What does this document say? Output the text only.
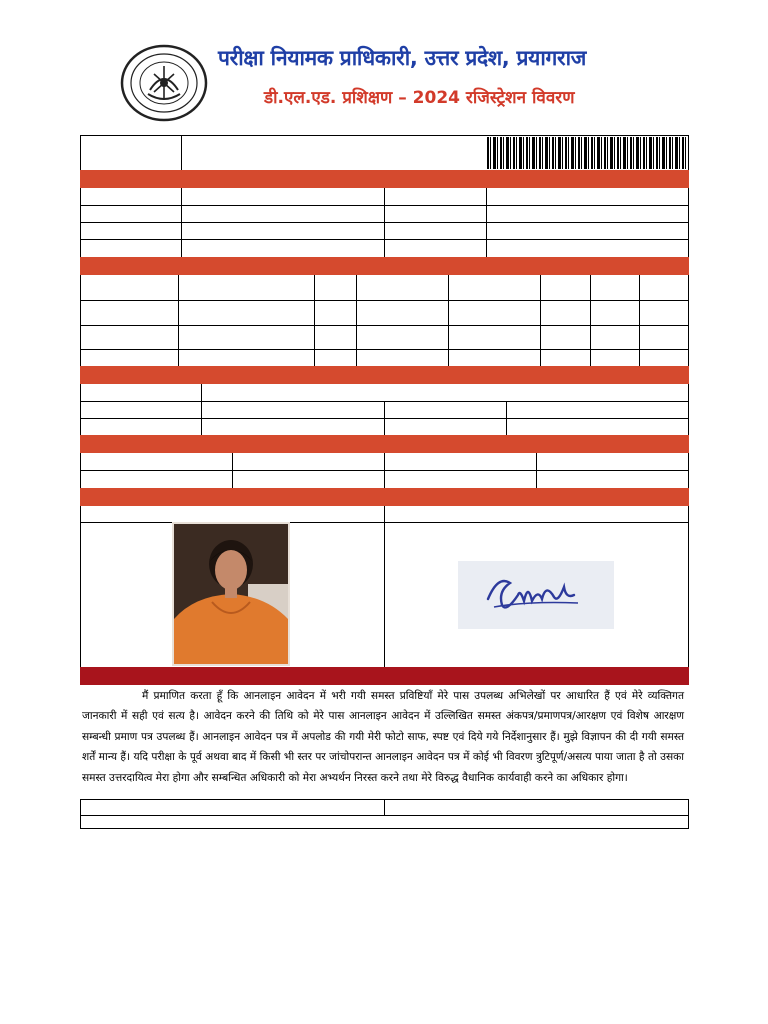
परीक्षा नियामक प्राधिकारी, उत्तर प्रदेश, प्रयागराज
डी.एल.एड. प्रशिक्षण – 2024 रजिस्ट्रेशन विवरण
मैं प्रमाणित करता हूँ कि आनलाइन आवेदन में भरी गयी समस्त प्रविष्टियाँ मेरे पास उपलब्ध अभिलेखों पर आधारित हैं एवं मेरे व्यक्तिगत जानकारी में सही एवं सत्य है। आवेदन करने की तिथि को मेरे पास आनलाइन आवेदन में उल्लिखित समस्त अंकपत्र/प्रमाणपत्र/आरक्षण एवं विशेष आरक्षण सम्बन्धी प्रमाण पत्र उपलब्ध हैं। आनलाइन आवेदन पत्र में अपलोड की गयी मेरी फोटो साफ, स्पष्ट एवं दिये गये निर्देशानुसार हैं। मुझे विज्ञापन की दी गयी समस्त शर्तें मान्य हैं। यदि परीक्षा के पूर्व अथवा बाद में किसी भी स्तर पर जांचोपरान्त आनलाइन आवेदन पत्र में कोई भी विवरण त्रुटिपूर्ण/असत्य पाया जाता है तो उसका समस्त उत्तरदायित्व मेरा होगा और सम्बन्धित अधिकारी को मेरा अभ्यर्थन निरस्त करने तथा मेरे विरुद्ध वैधानिक कार्यवाही करने का अधिकार होगा।
